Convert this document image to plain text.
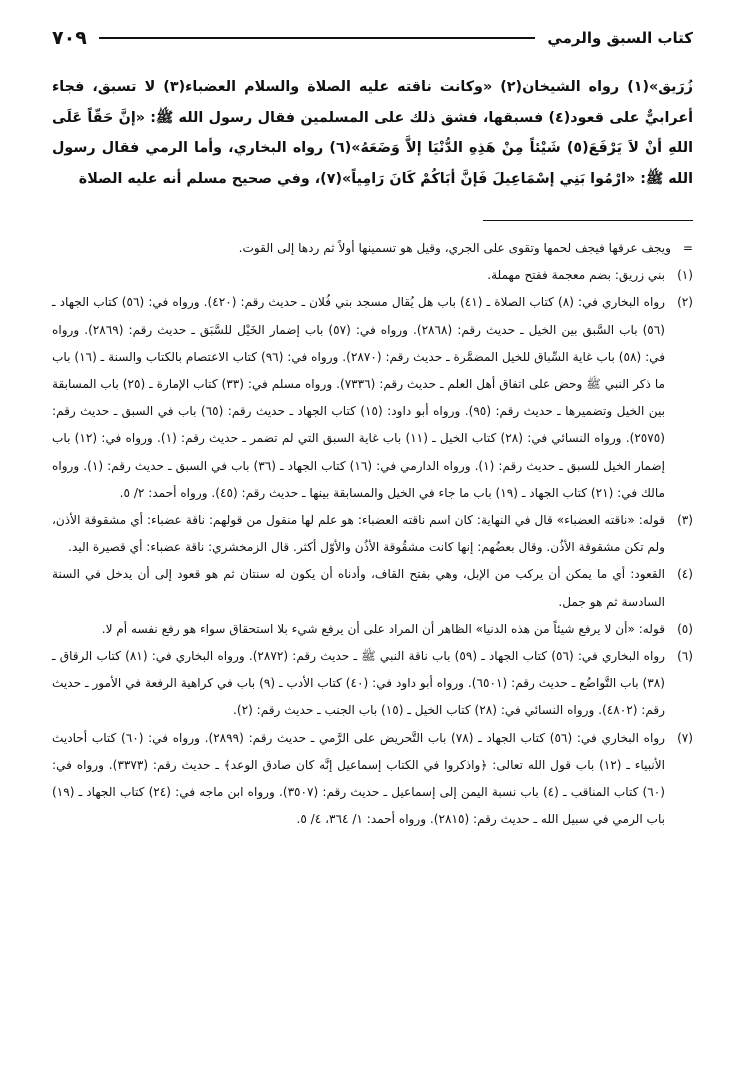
كتاب السبق والرمي
٧٠٩

زُرَيق»(١) رواه الشيخان(٢) «وكانت ناقته عليه الصلاة والسلام العضباء(٣) لا تسبق، فجاء أعرابيٌّ على قعود(٤) فسبقها، فشق ذلك على المسلمين فقال رسول الله ﷺ: «إنَّ حَقّاً عَلَى اللهِ أنْ لاَ يَرْفَعَ(٥) شَيْئاً مِنْ هَذِهِ الدُّنْيَا إلاَّ وَضَعَهُ»(٦) رواه البخاري، وأما الرمي فقال رسول الله ﷺ: «ارْمُوا بَنِي إسْمَاعِيلَ فَإنَّ أبَاكُمْ كَانَ رَامِياً»(٧)، وفي صحيح مسلم أنه عليه الصلاة

=
ويجف عرقها فيجف لحمها وتقوى على الجري، وقيل هو تسمينها أولاً ثم ردها إلى القوت.
(١)
بني زريق: بضم معجمة ففتح مهملة.
(٢)
رواه البخاري في: (٨) كتاب الصلاة ـ (٤١) باب هل يُقال مسجد بني فُلان ـ حديث رقم: (٤٢٠). ورواه في: (٥٦) كتاب الجهاد ـ (٥٦) باب السَّبق بين الخيل ـ حديث رقم: (٢٨٦٨). ورواه في: (٥٧) باب إضمار الخَيْل للسَّبَق ـ حديث رقم: (٢٨٦٩). ورواه في: (٥٨) باب غاية السِّباق للخيل المضمَّرة ـ حديث رقم: (٢٨٧٠). ورواه في: (٩٦) كتاب الاعتصام بالكتاب والسنة ـ (١٦) باب ما ذكر النبي ﷺ وحض على اتفاق أهل العلم ـ حديث رقم: (٧٣٣٦). ورواه مسلم في: (٣٣) كتاب الإمارة ـ (٢٥) باب المسابقة بين الخيل وتضميرها ـ حديث رقم: (٩٥). ورواه أبو داود: (١٥) كتاب الجهاد ـ حديث رقم: (٦٥) باب في السبق ـ حديث رقم: (٢٥٧٥). ورواه النسائي في: (٢٨) كتاب الخيل ـ (١١) باب غاية السبق التي لم تضمر ـ حديث رقم: (١). ورواه في: (١٢) باب إضمار الخيل للسبق ـ حديث رقم: (١). ورواه الدارمي في: (١٦) كتاب الجهاد ـ (٣٦) باب في السبق ـ حديث رقم: (١). ورواه مالك في: (٢١) كتاب الجهاد ـ (١٩) باب ما جاء في الخيل والمسابقة بينها ـ حديث رقم: (٤٥). ورواه أحمد: ٢/ ٥.
(٣)
قوله: «ناقته العضباء» قال في النهاية: كان اسم ناقته العضباء: هو علم لها منقول من قولهم: ناقة عضباء: أي مشقوقة الأذن، ولم تكن مشقوقة الأذُن. وقال بعضُهم: إنها كانت مشقُوقة الأذُن والأوّل أكثر. قال الزمخشري: ناقة عضباء: أي قصيرة اليد.
(٤)
القعود: أي ما يمكن أن يركب من الإبل، وهي بفتح القاف، وأدناه أن يكون له سنتان ثم هو قعود إلى أن يدخل في السنة السادسة ثم هو جمل.
(٥)
قوله: «أن لا يرفع شيئاً من هذه الدنيا» الظاهر أن المراد على أن يرفع شيء بلا استحقاق سواء هو رفع نفسه أم لا.
(٦)
رواه البخاري في: (٥٦) كتاب الجهاد ـ (٥٩) باب ناقة النبي ﷺ ـ حديث رقم: (٢٨٧٢). ورواه البخاري في: (٨١) كتاب الرقاق ـ (٣٨) باب التَّواضُع ـ حديث رقم: (٦٥٠١). ورواه أبو داود في: (٤٠) كتاب الأدب ـ (٩) باب في كراهية الرفعة في الأمور ـ حديث رقم: (٤٨٠٢). ورواه النسائي في: (٢٨) كتاب الخيل ـ (١٥) باب الجنب ـ حديث رقم: (٢).
(٧)
رواه البخاري في: (٥٦) كتاب الجهاد ـ (٧٨) باب التَّحريض على الرَّمي ـ حديث رقم: (٢٨٩٩). ورواه في: (٦٠) كتاب أحاديث الأنبياء ـ (١٢) باب قول الله تعالى: ﴿واذكروا في الكتاب إسماعيل إنَّه كان صادق الوعد﴾ ـ حديث رقم: (٣٣٧٣). ورواه في: (٦٠) كتاب المناقب ـ (٤) باب نسبة اليمن إلى إسماعيل ـ حديث رقم: (٣٥٠٧). ورواه ابن ماجه في: (٢٤) كتاب الجهاد ـ (١٩) باب الرمي في سبيل الله ـ حديث رقم: (٢٨١٥). ورواه أحمد: ١/ ٣٦٤، ٤/ ٥.
